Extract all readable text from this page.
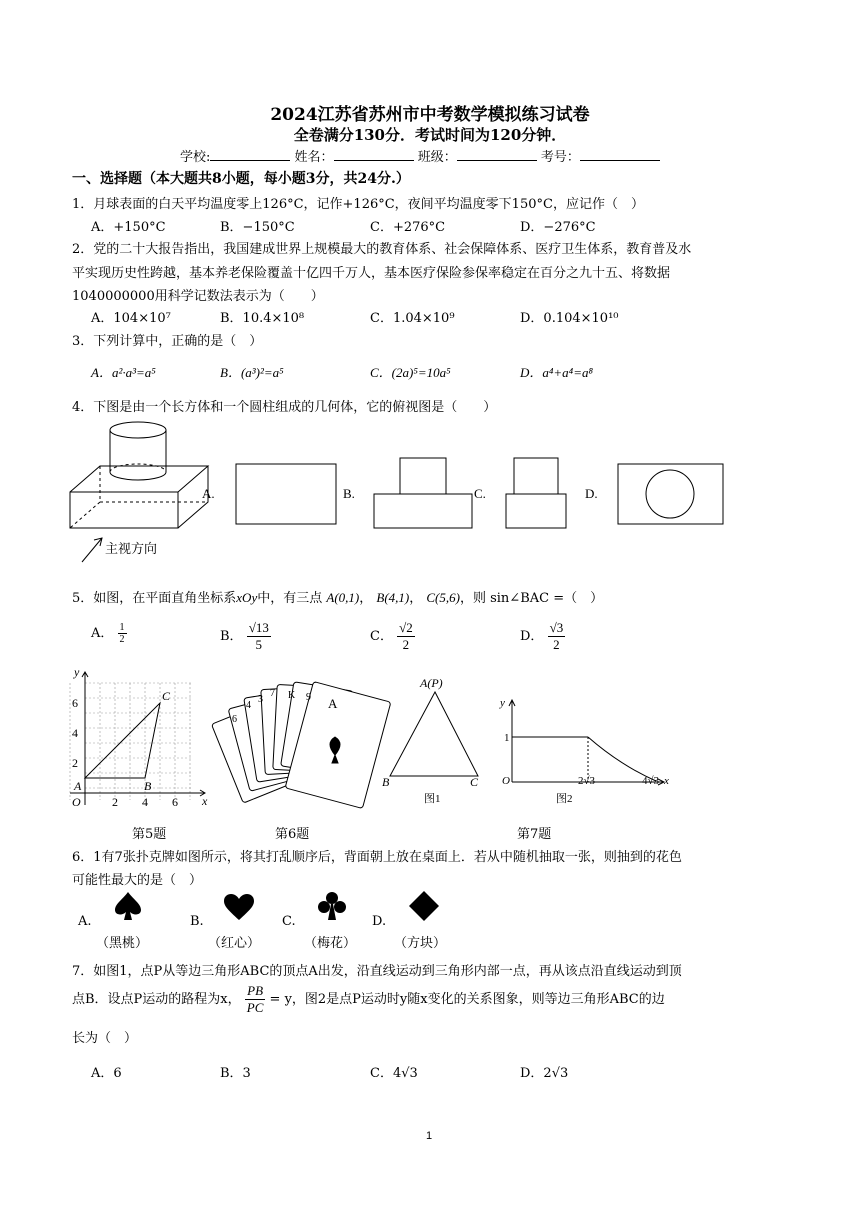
2024江苏省苏州市中考数学模拟练习试卷
全卷满分130分．考试时间为120分钟．
学校:	姓名：	班级：	考号：
一、选择题（本大题共8小题，每小题3分，共24分.）
1．月球表面的白天平均温度零上126°C，记作+126°C，夜间平均温度零下150°C，应记作（　）
A．+150°C	B．−150°C	C．+276°C	D．−276°C
2．党的二十大报告指出，我国建成世界上规模最大的教育体系、社会保障体系、医疗卫生体系，教育普及水
平实现历史性跨越，基本养老保险覆盖十亿四千万人，基本医疗保险参保率稳定在百分之九十五、将数据
1040000000用科学记数法表示为（　　）
A．104×10⁷	B．10.4×10⁸	C．1.04×10⁹	D．0.104×10¹⁰
3．下列计算中，正确的是（　）
A．a²·a³=a⁵	B．(a³)²=a⁵	C．(2a)⁵=10a⁵	D．a⁴+a⁴=a⁸
4．下图是由一个长方体和一个圆柱组成的几何体，它的俯视图是（　　）
主视方向
A.	B.	C.	D.
5．如图，在平面直角坐标系xOy中，有三点 A(0,1)， B(4,1)， C(5,6)，则 sin∠BAC =（　）
A． $\frac{1}{2}$	B． $\frac{√13}{5}$	C． $\frac{√2}{2}$	D． $\frac{√3}{2}$
y
x
O
A	B
C
2 4 6
2
4
6
6
4
3
7 K 9 A
A(P)
B	C
图1
y
1
O	2√3	4√3 x
图2
第5题	第6题	第7题
6．1有7张扑克牌如图所示，将其打乱顺序后，背面朝上放在桌面上．若从中随机抽取一张，则抽到的花色
可能性最大的是（　）
A.
（黑桃）
B.
（红心）
C.
（梅花）
D.
（方块）
7．如图1，点P从等边三角形ABC的顶点A出发，沿直线运动到三角形内部一点，再从该点沿直线运动到顶
点B．设点P运动的路程为x， $\frac{PB}{PC} = y$，图2是点P运动时y随x变化的关系图象，则等边三角形ABC的边
长为（　）
A．6	B．3	C．4√3	D．2√3
1
